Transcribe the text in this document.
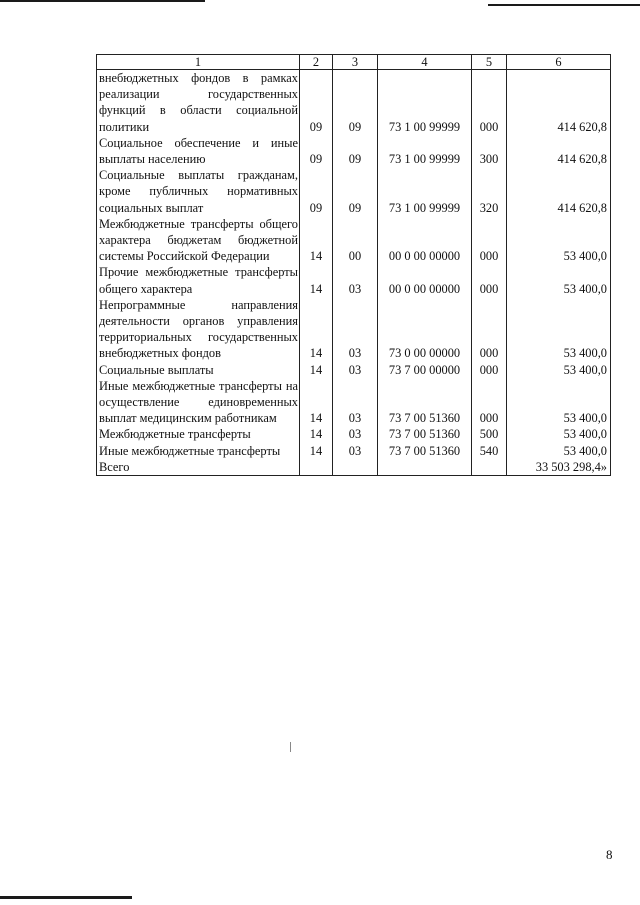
1	2	3	4	5	6
внебюджетных фондов в рамках реализации государственных функций в области социальной политики	09	09	73 1 00 99999	000	414 620,8
Социальное обеспечение и иные выплаты населению	09	09	73 1 00 99999	300	414 620,8
Социальные выплаты гражданам, кроме публичных нормативных социальных выплат	09	09	73 1 00 99999	320	414 620,8
Межбюджетные трансферты общего характера бюджетам бюджетной системы Российской Федерации	14	00	00 0 00 00000	000	53 400,0
Прочие межбюджетные трансферты общего характера	14	03	00 0 00 00000	000	53 400,0
Непрограммные направления деятельности органов управления территориальных государственных внебюджетных фондов	14	03	73 0 00 00000	000	53 400,0
Социальные выплаты	14	03	73 7 00 00000	000	53 400,0
Иные межбюджетные трансферты на осуществление единовременных выплат медицинским работникам	14	03	73 7 00 51360	000	53 400,0
Межбюджетные трансферты	14	03	73 7 00 51360	500	53 400,0
Иные межбюджетные трансферты	14	03	73 7 00 51360	540	53 400,0
Всего					33 503 298,4»
8
